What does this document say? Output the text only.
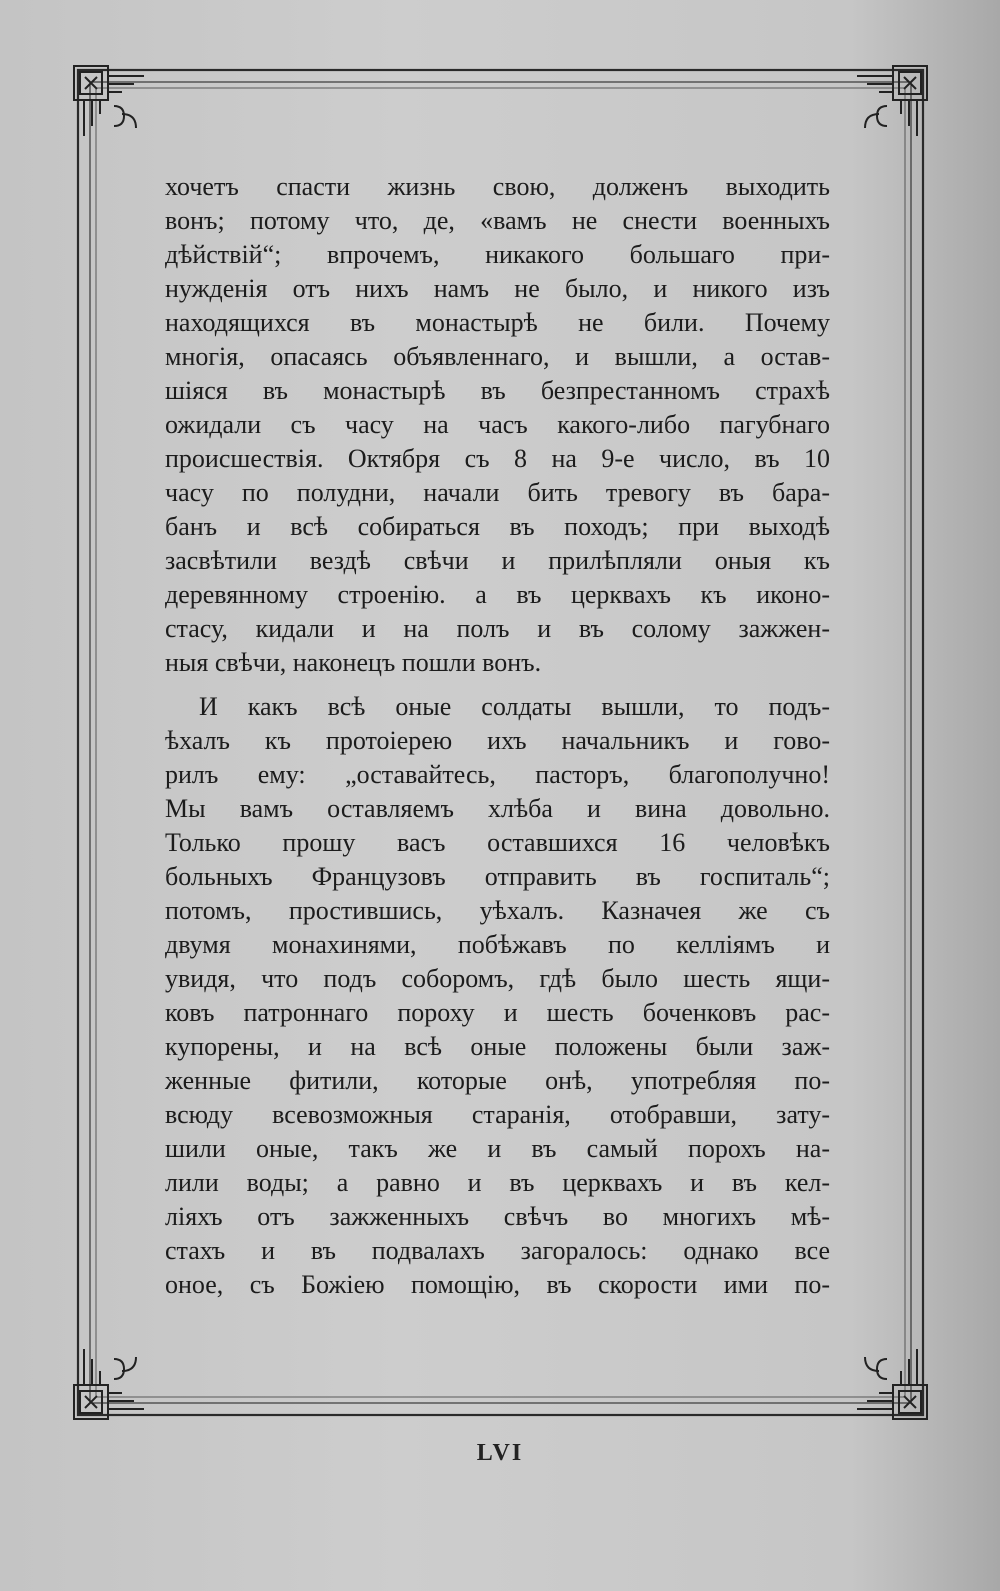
хочетъ спасти жизнь свою, долженъ выходить
вонъ; потому что, де, «вамъ не снести военныхъ
дѣйствій“; впрочемъ, никакого большаго при-
нужденія отъ нихъ намъ не было, и никого изъ
находящихся въ монастырѣ не били. Почему
многія, опасаясь объявленнаго, и вышли, а остав-
шіяся въ монастырѣ въ безпрестанномъ страхѣ
ожидали съ часу на часъ какого-либо пагубнаго
происшествія. Октября съ 8 на 9-е число, въ 10
часу по полудни, начали бить тревогу въ бара-
банъ и всѣ собираться въ походъ; при выходѣ
засвѣтили вездѣ свѣчи и прилѣпляли оныя къ
деревянному строенію. а въ церквахъ къ иконо-
стасу, кидали и на полъ и въ солому зажжен-
ныя свѣчи, наконецъ пошли вонъ.
И какъ всѣ оные солдаты вышли, то подъ-
ѣхалъ къ протоіерею ихъ начальникъ и гово-
рилъ ему: „оставайтесь, пасторъ, благополучно!
Мы вамъ оставляемъ хлѣба и вина довольно.
Только прошу васъ оставшихся 16 человѣкъ
больныхъ Французовъ отправить въ госпиталь“;
потомъ, простившись, уѣхалъ. Казначея же съ
двумя монахинями, побѣжавъ по келліямъ и
увидя, что подъ соборомъ, гдѣ было шесть ящи-
ковъ патроннаго пороху и шесть боченковъ рас-
купорены, и на всѣ оные положены были заж-
женные фитили, которые онѣ, употребляя по-
всюду всевозможныя старанія, отобравши, зату-
шили оные, такъ же и въ самый порохъ на-
лили воды; а равно и въ церквахъ и въ кел-
ліяхъ отъ зажженныхъ свѣчъ во многихъ мѣ-
стахъ и въ подвалахъ загоралось: однако все
оное, съ Божіею помощію, въ скорости ими по-
LVI
